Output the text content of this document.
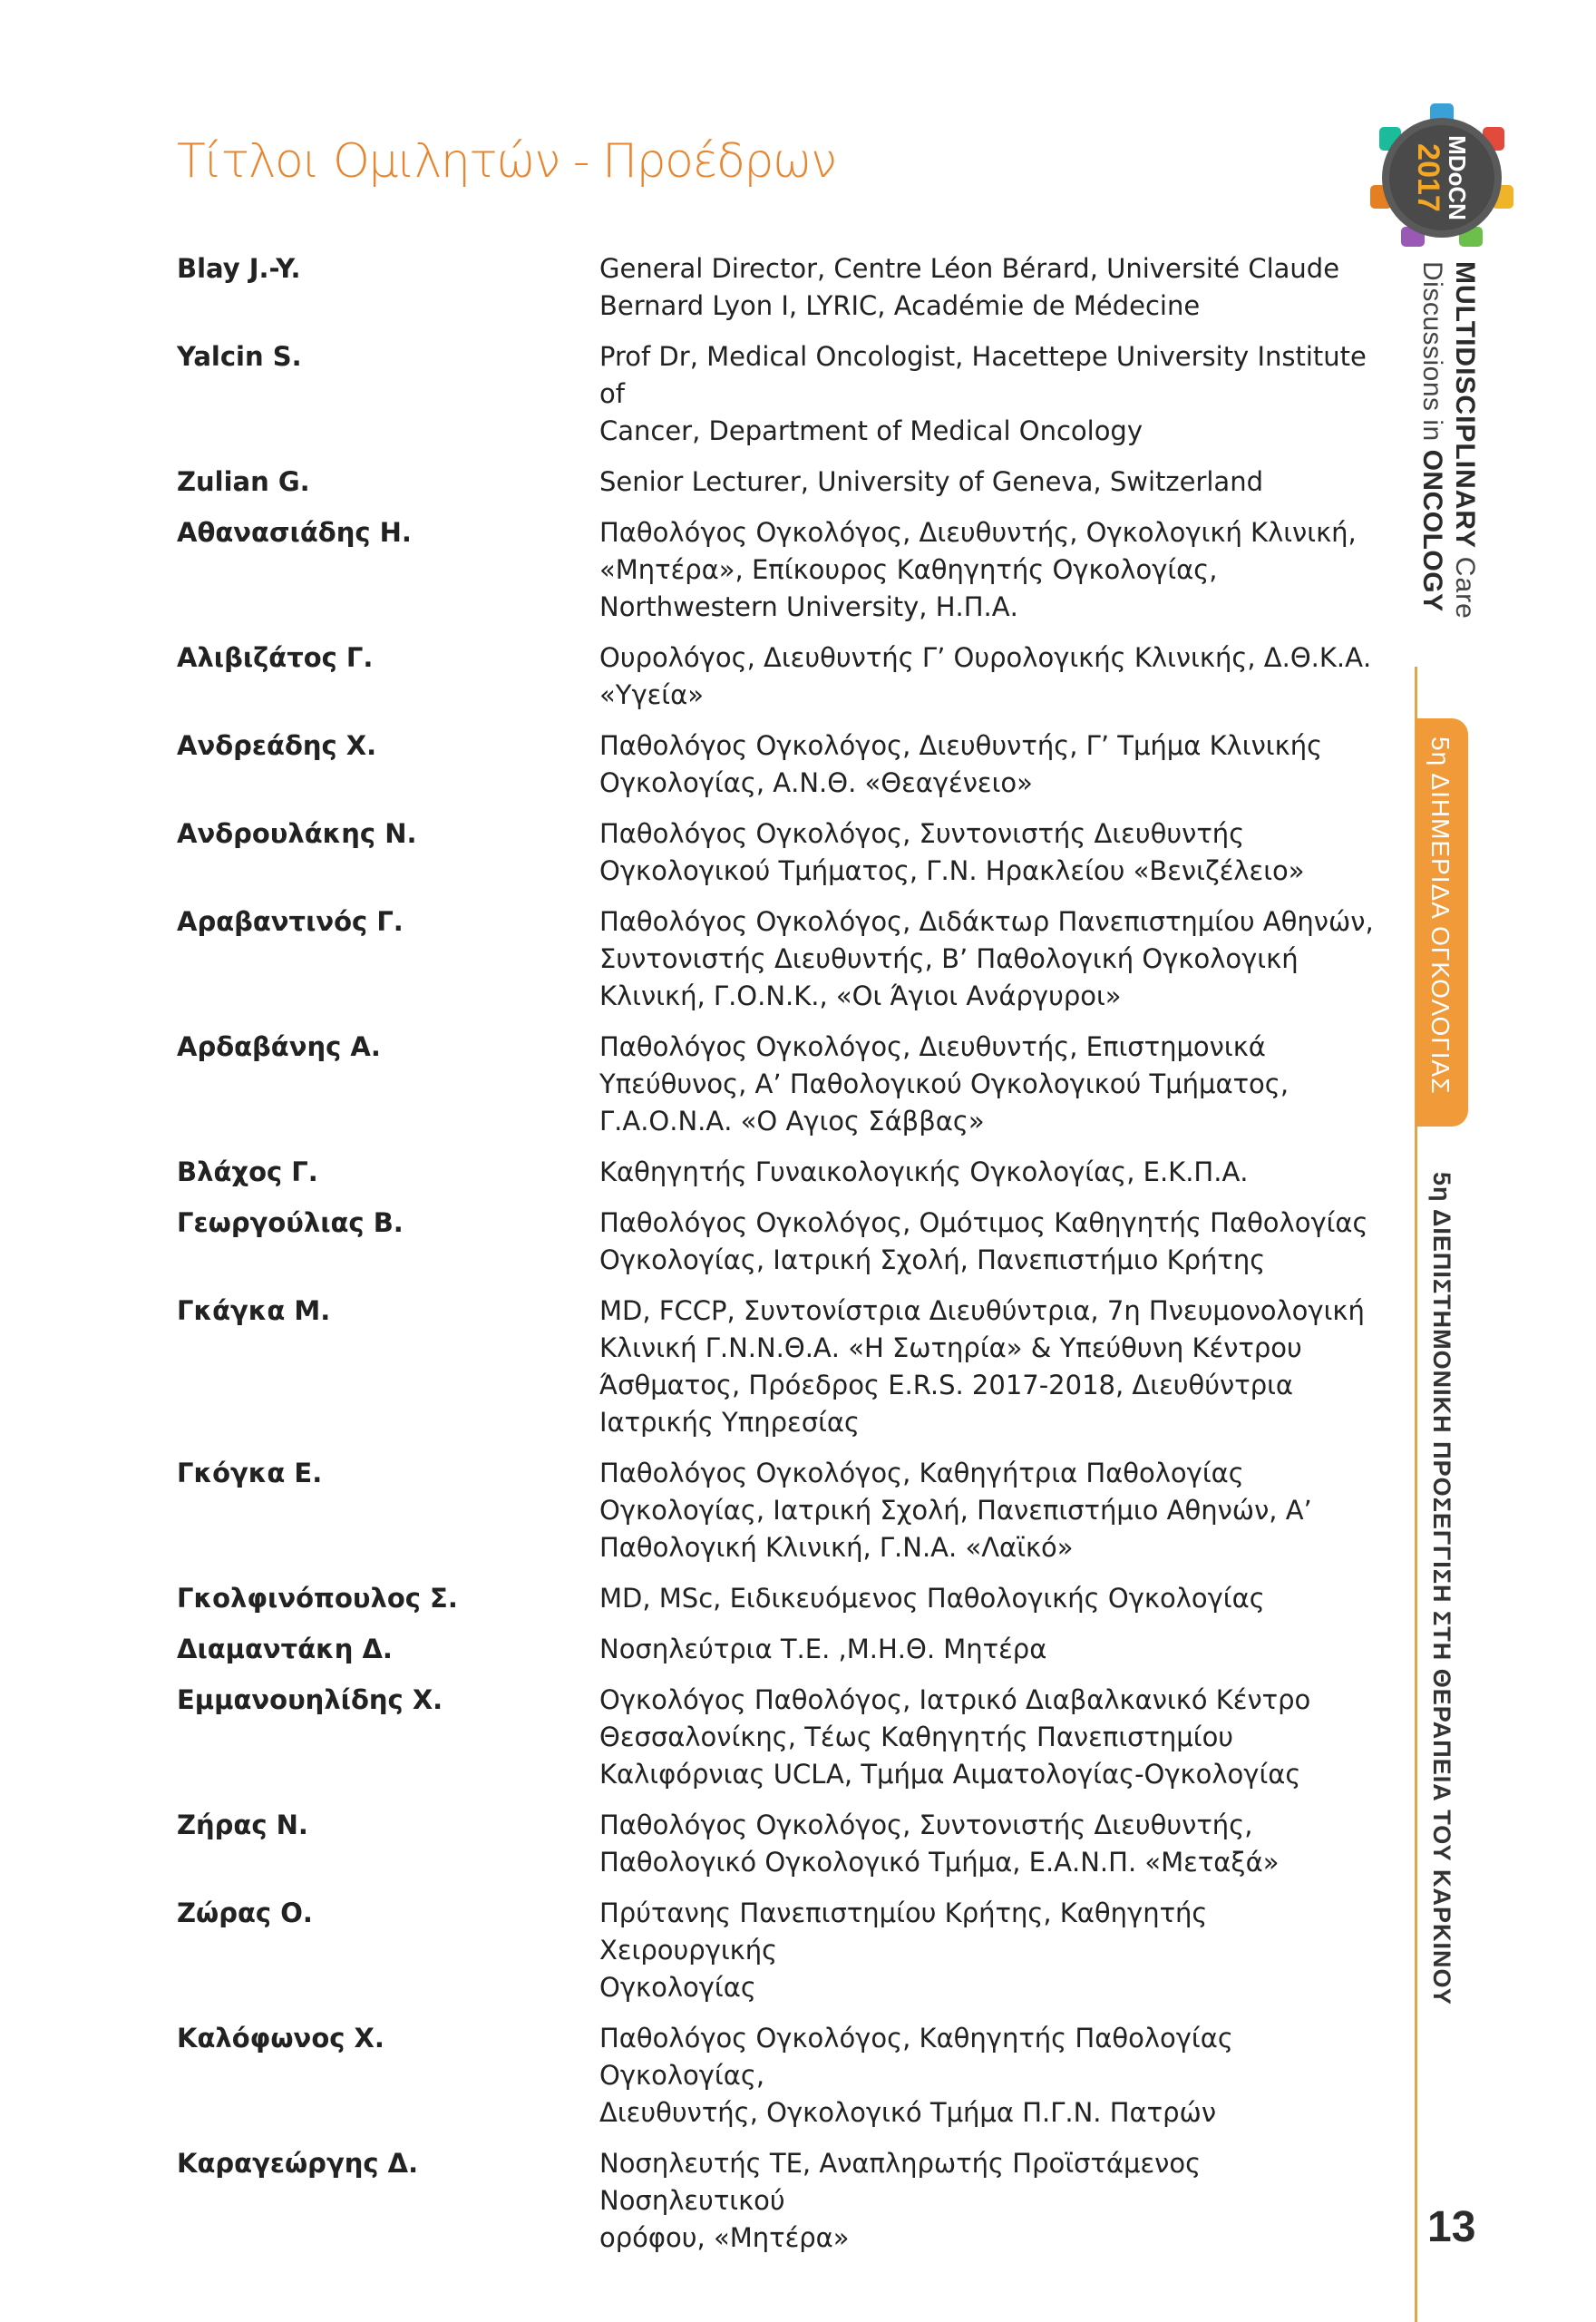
Τίτλοι Ομιλητών - Προέδρων
Blay J.-Y.	General Director, Centre Léon Bérard, Université Claude
Bernard Lyon I, LYRIC, Académie de Médecine
Yalcin S.	Prof Dr, Medical Oncologist, Hacettepe University Institute of
Cancer, Department of Medical Oncology
Zulian G.	Senior Lecturer, University of Geneva, Switzerland
Αθανασιάδης Η.	Παθολόγος Ογκολόγος, Διευθυντής, Ογκολογική Κλινική,
«Μητέρα», Επίκουρος Καθηγητής Ογκολογίας,
Northwestern University, Η.Π.Α.
Αλιβιζάτος Γ.	Ουρολόγος, Διευθυντής Γ’ Ουρολογικής Κλινικής, Δ.Θ.Κ.Α.
«Υγεία»
Ανδρεάδης Χ.	Παθολόγος Ογκολόγος, Διευθυντής, Γ’ Τμήμα Κλινικής
Ογκολογίας, Α.Ν.Θ. «Θεαγένειο»
Ανδρουλάκης Ν.	Παθολόγος Ογκολόγος, Συντονιστής Διευθυντής
Ογκολογικού Τμήματος, Γ.Ν. Ηρακλείου «Βενιζέλειο»
Αραβαντινός Γ.	Παθολόγος Ογκολόγος, Διδάκτωρ Πανεπιστημίου Αθηνών,
Συντονιστής Διευθυντής, Β’ Παθολογική Ογκολογική
Κλινική, Γ.Ο.Ν.Κ., «Οι Άγιοι Ανάργυροι»
Αρδαβάνης Α.	Παθολόγος Ογκολόγος, Διευθυντής, Επιστημονικά
Υπεύθυνος, Α’ Παθολογικού Ογκολογικού Τμήματος,
Γ.Α.Ο.Ν.Α. «Ο Αγιος Σάββας»
Βλάχος Γ.	Καθηγητής Γυναικολογικής Ογκολογίας, Ε.Κ.Π.Α.
Γεωργούλιας Β.	Παθολόγος Ογκολόγος, Ομότιμος Καθηγητής Παθολογίας
Ογκολογίας, Ιατρική Σχολή, Πανεπιστήμιο Κρήτης
Γκάγκα Μ.	MD, FCCP, Συντονίστρια Διευθύντρια, 7η Πνευμονολογική
Κλινική Γ.Ν.Ν.Θ.Α. «Η Σωτηρία» & Υπεύθυνη Κέντρου
Άσθματος, Πρόεδρος E.R.S. 2017-2018, Διευθύντρια
Ιατρικής Υπηρεσίας
Γκόγκα Ε.	Παθολόγος Ογκολόγος, Καθηγήτρια Παθολογίας
Ογκολογίας, Ιατρική Σχολή, Πανεπιστήμιο Αθηνών, Α’
Παθολογική Κλινική, Γ.Ν.Α. «Λαϊκό»
Γκολφινόπουλος Σ.	MD, MSc, Ειδικευόμενος Παθολογικής Ογκολογίας
Διαμαντάκη Δ.	Νοσηλεύτρια Τ.Ε. ,Μ.Η.Θ. Μητέρα
Εμμανουηλίδης Χ.	Ογκολόγος Παθολόγος, Ιατρικό Διαβαλκανικό Κέντρο
Θεσσαλονίκης, Τέως Καθηγητής Πανεπιστημίου
Καλιφόρνιας UCLA, Τμήμα Αιματολογίας-Ογκολογίας
Ζήρας Ν.	Παθολόγος Ογκολόγος, Συντονιστής Διευθυντής,
Παθολογικό Ογκολογικό Τμήμα, Ε.Α.Ν.Π. «Μεταξά»
Ζώρας Ο.	Πρύτανης Πανεπιστημίου Κρήτης, Καθηγητής Χειρουργικής
Ογκολογίας
Καλόφωνος Χ.	Παθολόγος Ογκολόγος, Καθηγητής Παθολογίας Ογκολογίας,
Διευθυντής, Ογκολογικό Τμήμα Π.Γ.Ν. Πατρών
Καραγεώργης Δ.	Νοσηλευτής ΤΕ, Αναπληρωτής Προϊστάμενος Νοσηλευτικού
ορόφου, «Μητέρα»
MDoCN
2017
MULTIDISCIPLINARY Care
Discussions in ONCOLOGY
5η ΔΙΗΜΕΡΙΔΑ ΟΓΚΟΛΟΓΙΑΣ
5η ΔΙΕΠΙΣΤΗΜΟΝΙΚΗ ΠΡΟΣΕΓΓΙΣΗ ΣΤΗ ΘΕΡΑΠΕΙΑ ΤΟΥ ΚΑΡΚΙΝΟΥ
13
